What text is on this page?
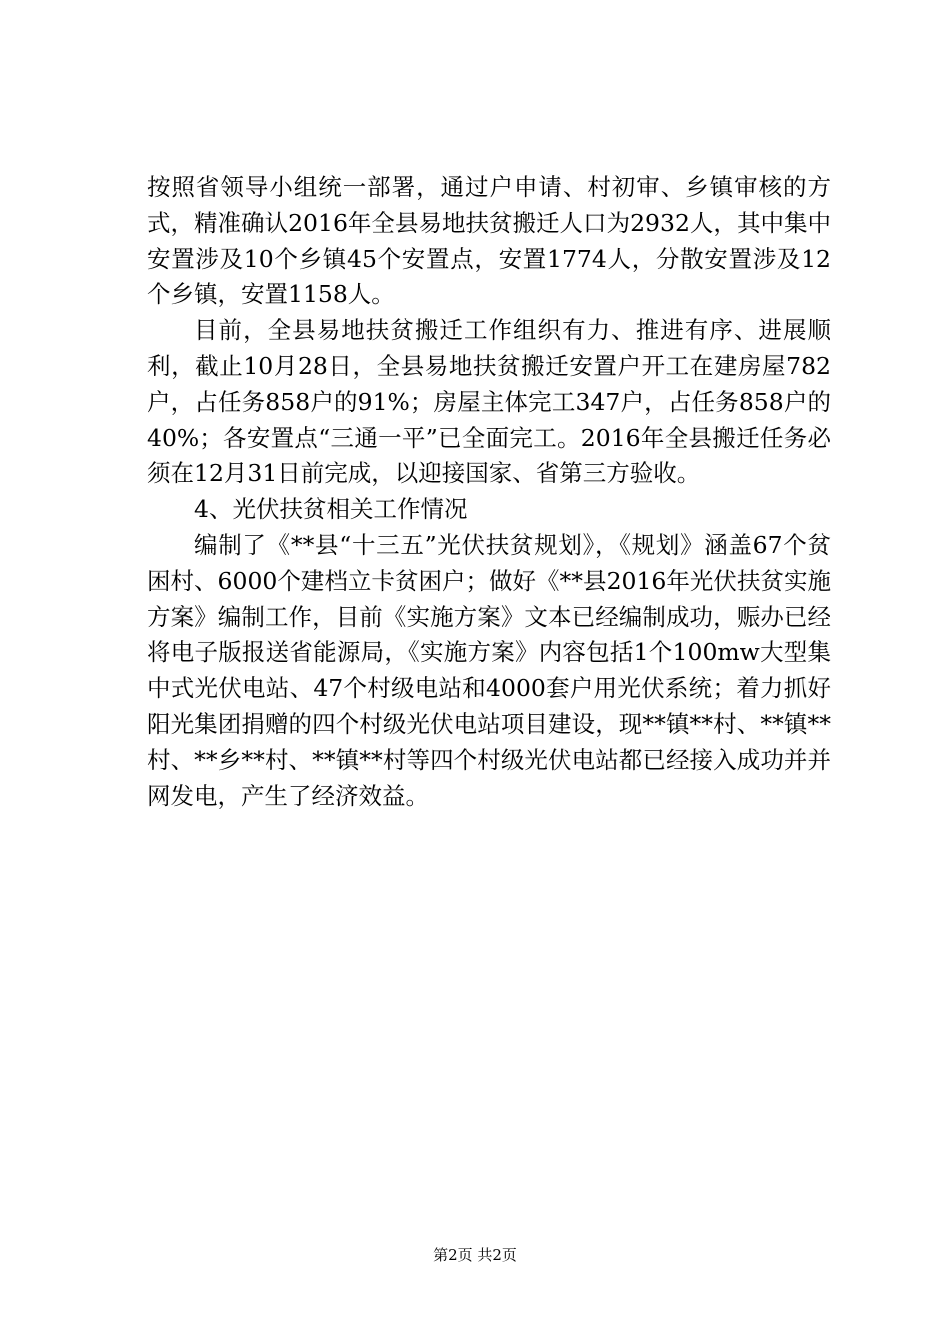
按照省领导小组统一部署，通过户申请、村初审、乡镇审核的方式，精准确认2016年全县易地扶贫搬迁人口为2932人，其中集中安置涉及10个乡镇45个安置点，安置1774人，分散安置涉及12个乡镇，安置1158人。

目前，全县易地扶贫搬迁工作组织有力、推进有序、进展顺利，截止10月28日，全县易地扶贫搬迁安置户开工在建房屋782户，占任务858户的91%；房屋主体完工347户，占任务858户的40%；各安置点“三通一平”已全面完工。2016年全县搬迁任务必须在12月31日前完成，以迎接国家、省第三方验收。

4、光伏扶贫相关工作情况

编制了《**县“十三五”光伏扶贫规划》，《规划》涵盖67个贫困村、6000个建档立卡贫困户；做好《**县2016年光伏扶贫实施方案》编制工作，目前《实施方案》文本已经编制成功，赈办已经将电子版报送省能源局，《实施方案》内容包括1个100mw大型集中式光伏电站、47个村级电站和4000套户用光伏系统；着力抓好阳光集团捐赠的四个村级光伏电站项目建设，现**镇**村、**镇**村、**乡**村、**镇**村等四个村级光伏电站都已经接入成功并并网发电，产生了经济效益。

第2页 共2页
